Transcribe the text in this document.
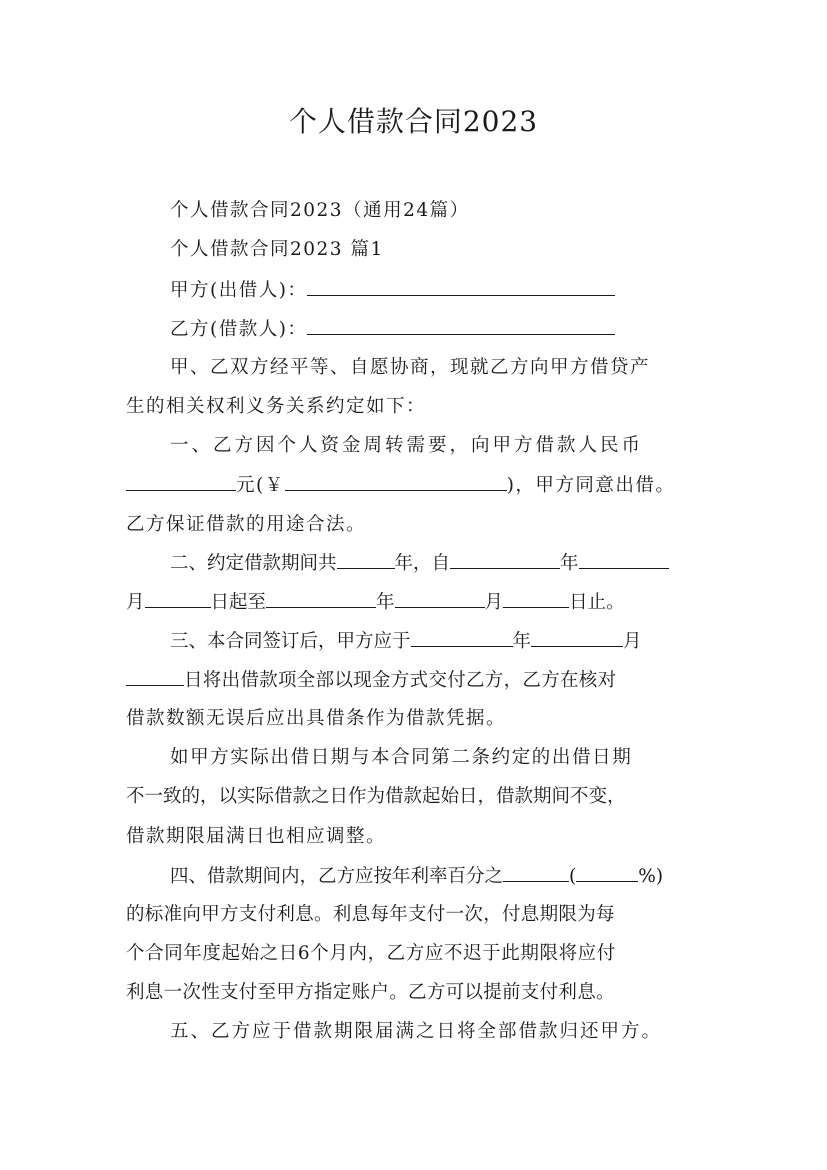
个人借款合同2023
个人借款合同2023（通用24篇）
个人借款合同2023 篇1
甲方(出借人)：
乙方(借款人)：
甲、乙双方经平等、自愿协商，现就乙方向甲方借贷产
生的相关权利义务关系约定如下：
一、乙方因个人资金周转需要，向甲方借款人民币
元(￥	)，甲方同意出借。
乙方保证借款的用途合法。
二、约定借款期间共	年，自	年
月	日起至	年	月	日止。
三、本合同签订后，甲方应于	年	月
日将出借款项全部以现金方式交付乙方，乙方在核对
借款数额无误后应出具借条作为借款凭据。
如甲方实际出借日期与本合同第二条约定的出借日期
不一致的，以实际借款之日作为借款起始日，借款期间不变，
借款期限届满日也相应调整。
四、借款期间内，乙方应按年利率百分之	(	%)
的标准向甲方支付利息。利息每年支付一次，付息期限为每
个合同年度起始之日6个月内，乙方应不迟于此期限将应付
利息一次性支付至甲方指定账户。乙方可以提前支付利息。
五、乙方应于借款期限届满之日将全部借款归还甲方。
